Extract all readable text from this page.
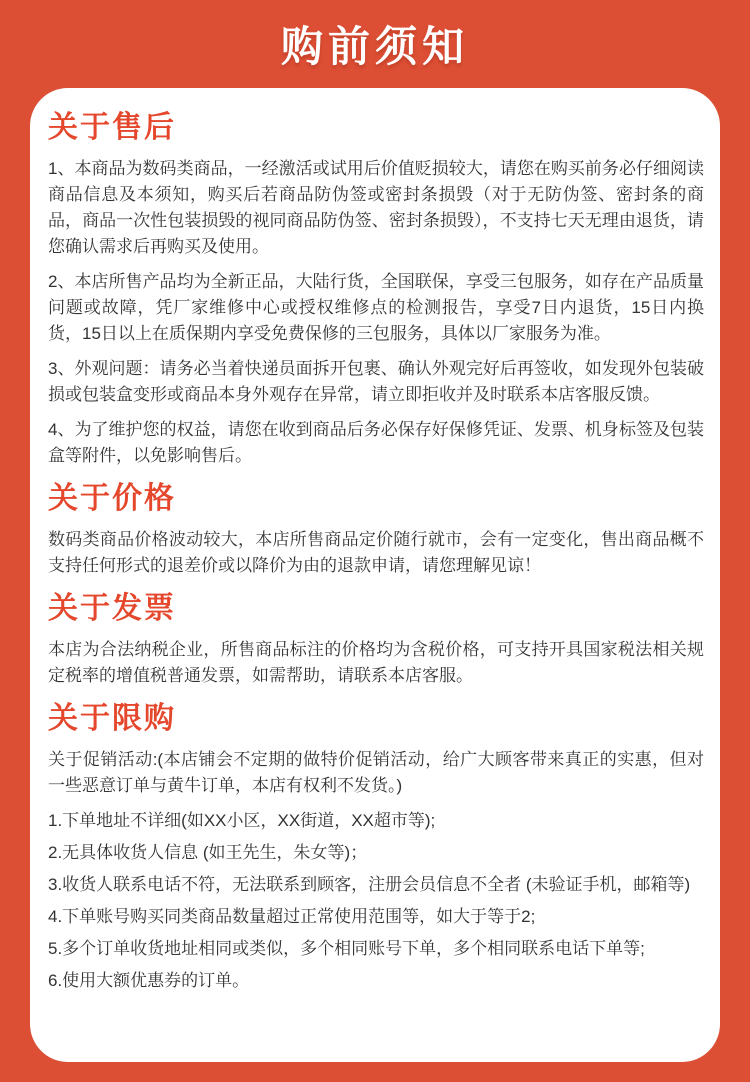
购前须知
关于售后

1、本商品为数码类商品，一经激活或试用后价值贬损较大，请您在购买前务必仔细阅读商品信息及本须知，购买后若商品防伪签或密封条损毁（对于无防伪签、密封条的商品，商品一次性包装损毁的视同商品防伪签、密封条损毁），不支持七天无理由退货，请您确认需求后再购买及使用。

2、本店所售产品均为全新正品，大陆行货，全国联保，享受三包服务，如存在产品质量问题或故障，凭厂家维修中心或授权维修点的检测报告，享受7日内退货，15日内换货，15日以上在质保期内享受免费保修的三包服务，具体以厂家服务为准。

3、外观问题：请务必当着快递员面拆开包裹、确认外观完好后再签收，如发现外包装破损或包装盒变形或商品本身外观存在异常，请立即拒收并及时联系本店客服反馈。

4、为了维护您的权益，请您在收到商品后务必保存好保修凭证、发票、机身标签及包装盒等附件，以免影响售后。

关于价格

数码类商品价格波动较大，本店所售商品定价随行就市，会有一定变化，售出商品概不支持任何形式的退差价或以降价为由的退款申请，请您理解见谅！

关于发票

本店为合法纳税企业，所售商品标注的价格均为含税价格，可支持开具国家税法相关规定税率的增值税普通发票，如需帮助，请联系本店客服。

关于限购

关于促销活动:(本店铺会不定期的做特价促销活动，给广大顾客带来真正的实惠，但对一些恶意订单与黄牛订单，本店有权利不发货。)

1.下单地址不详细(如XX小区，XX街道，XX超市等);

2.无具体收货人信息 (如王先生，朱女等)；

3.收货人联系电话不符，无法联系到顾客，注册会员信息不全者 (未验证手机，邮箱等)

4.下单账号购买同类商品数量超过正常使用范围等，如大于等于2;

5.多个订单收货地址相同或类似，多个相同账号下单，多个相同联系电话下单等;

6.使用大额优惠券的订单。
